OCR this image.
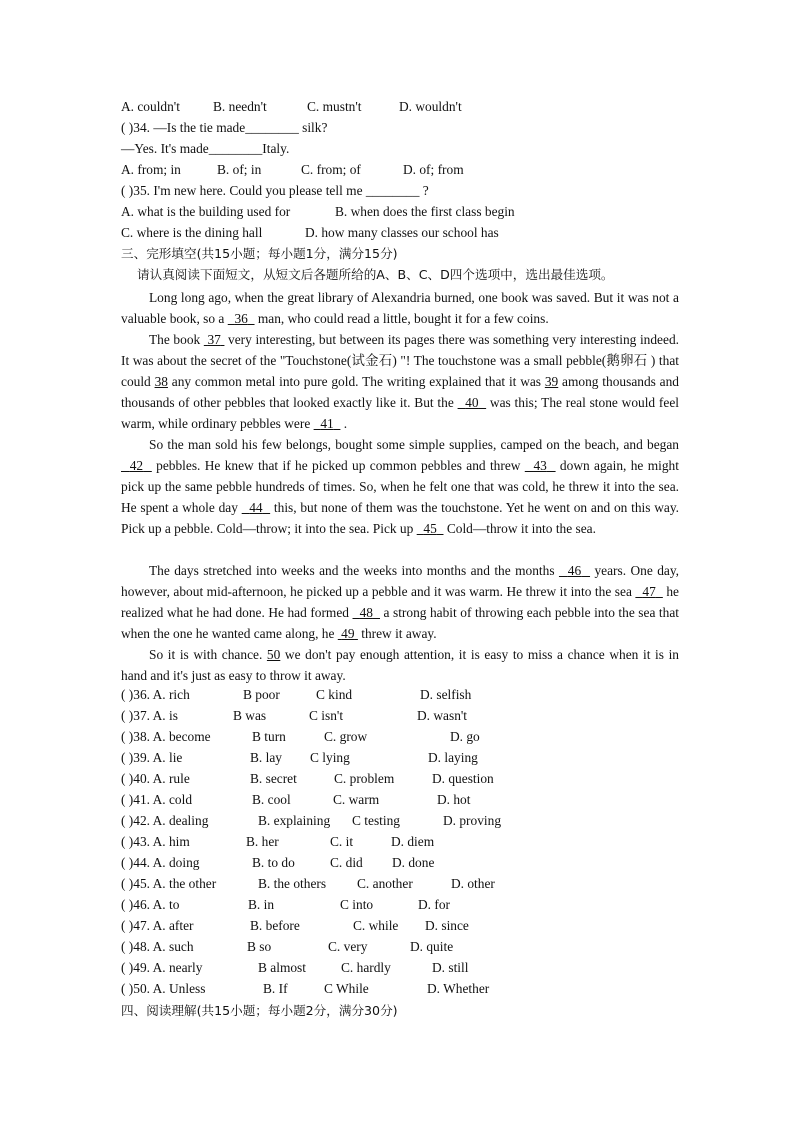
A. couldn't B. needn't	C. mustn't	D. wouldn't
( )34. —Is the tie made________ silk?
—Yes. It's made________Italy.
A. from; in	B. of; in	C. from; of	D. of; from
( )35. I'm new here. Could you please tell me ________ ?
A. what is the building used for	B. when does the first class begin
C. where is the dining hall	D. how many classes our school has
三、完形填空(共15小题；每小题1分，满分15分)
请认真阅读下面短文，从短文后各题所给的A、B、C、D四个选项中，选出最佳选项。
Long long ago, when the great library of Alexandria burned, one book was saved. But it was not a valuable book, so a   36   man, who could read a little, bought it for a few coins.
The book  37  very interesting, but between its pages there was something very interesting indeed. It was about the secret of the "Touchstone(试金石) "! The touchstone was a small pebble(鹅卵石 ) that could 38 any common metal into pure gold. The writing explained that it was 39 among thousands and thousands of other pebbles that looked exactly like it. But the   40   was this; The real stone would feel warm, while ordinary pebbles were   41   .
So the man sold his few belongs, bought some simple supplies, camped on the beach, and began   42   pebbles. He knew that if he picked up common pebbles and threw   43   down again, he might pick up the same pebble hundreds of times. So, when he felt one that was cold, he threw it into the sea. He spent a whole day   44   this, but none of them was the touchstone. Yet he went on and on this way. Pick up a pebble. Cold—throw; it into the sea. Pick up   45   Cold—throw it into the sea.
The days stretched into weeks and the weeks into months and the months   46   years. One day, however, about mid-afternoon, he picked up a pebble and it was warm. He threw it into the sea   47   he realized what he had done. He had formed   48   a strong habit of throwing each pebble into the sea that when the one he wanted came along, he  49  threw it away.
So it is with chance. 50 we don't pay enough attention, it is easy to miss a chance when it is in hand and it's just as easy to throw it away.
( )36. A. rich	B poor	C kind	D. selfish
( )37. A. is	B was	C isn't	D. wasn't
( )38. A. become	B turn	C. grow	D. go
( )39. A. lie	B. lay C lying	D. laying
( )40. A. rule	B. secret	C. problem	D. question
( )41. A. cold	B. cool	C. warm	D. hot
( )42. A. dealing	B. explaining C testing	D. proving
( )43. A. him	B. her	C. it	D. diem
( )44. A. doing	B. to do	C. did D. done
( )45. A. the other	B. the others C. another	D. other
( )46. A. to	B. in	C into	D. for
( )47. A. after	B. before	C. while D. since
( )48. A. such	B so	C. very	D. quite
( )49. A. nearly	B almost	C. hardly	D. still
( )50. A. Unless	B. If	C While	D. Whether
四、阅读理解(共15小题；每小题2分，满分30分)
